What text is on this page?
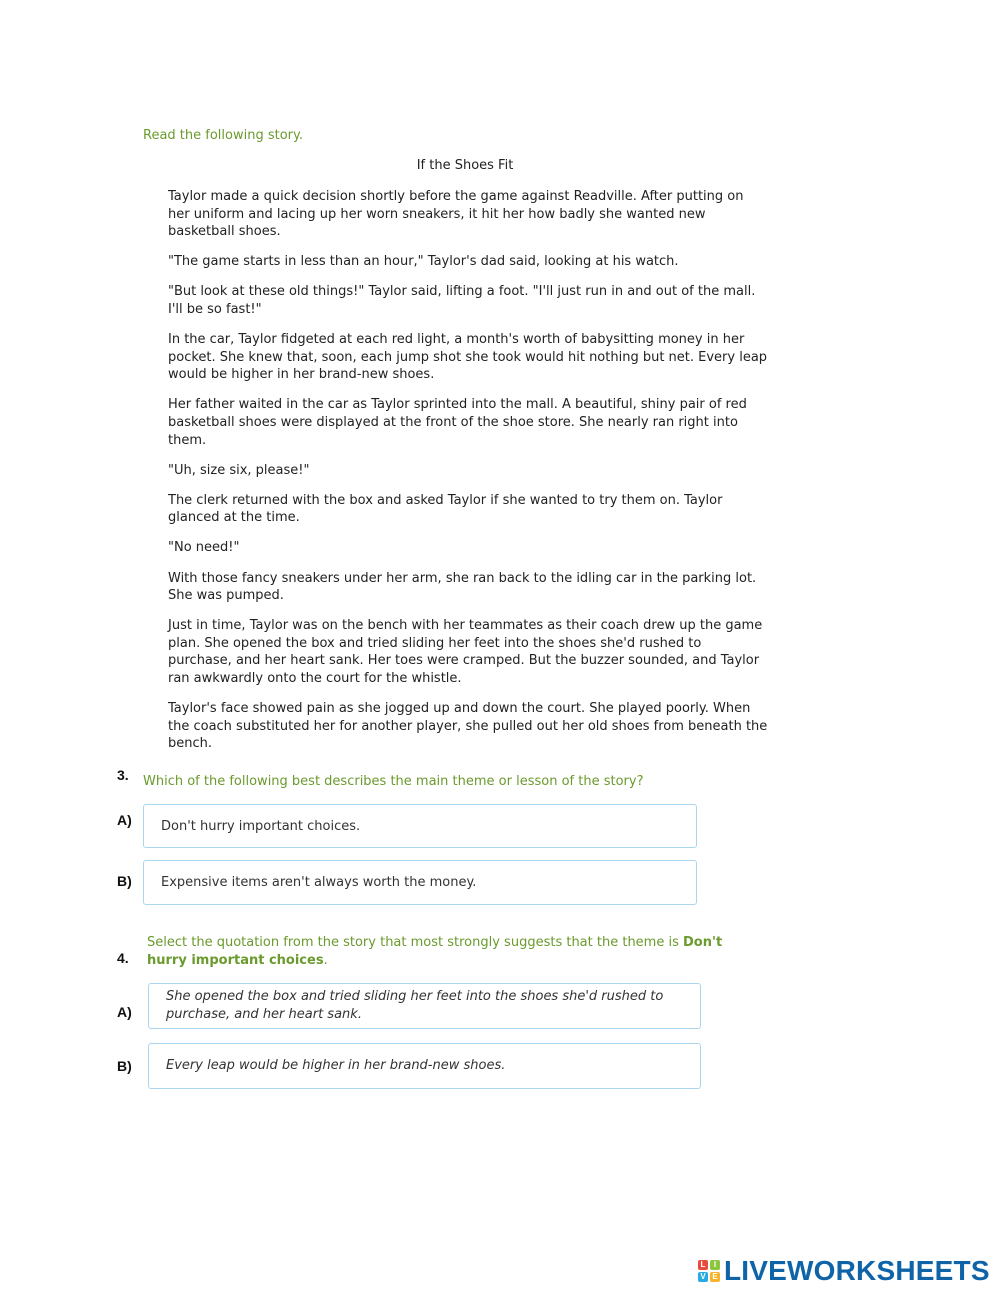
Read the following story.

If the Shoes Fit

Taylor made a quick decision shortly before the game against Readville. After putting on her uniform and lacing up her worn sneakers, it hit her how badly she wanted new basketball shoes.

"The game starts in less than an hour," Taylor's dad said, looking at his watch.

"But look at these old things!" Taylor said, lifting a foot. "I'll just run in and out of the mall. I'll be so fast!"

In the car, Taylor fidgeted at each red light, a month's worth of babysitting money in her pocket. She knew that, soon, each jump shot she took would hit nothing but net. Every leap would be higher in her brand-new shoes.

Her father waited in the car as Taylor sprinted into the mall. A beautiful, shiny pair of red basketball shoes were displayed at the front of the shoe store. She nearly ran right into them.

"Uh, size six, please!"

The clerk returned with the box and asked Taylor if she wanted to try them on. Taylor glanced at the time.

"No need!"

With those fancy sneakers under her arm, she ran back to the idling car in the parking lot. She was pumped.

Just in time, Taylor was on the bench with her teammates as their coach drew up the game plan. She opened the box and tried sliding her feet into the shoes she'd rushed to purchase, and her heart sank. Her toes were cramped. But the buzzer sounded, and Taylor ran awkwardly onto the court for the whistle.

Taylor's face showed pain as she jogged up and down the court. She played poorly. When the coach substituted her for another player, she pulled out her old shoes from beneath the bench.

3. Which of the following best describes the main theme or lesson of the story?

A) Don't hurry important choices.
B) Expensive items aren't always worth the money.

4.

Select the quotation from the story that most strongly suggests that the theme is Don't hurry important choices.

A)
She opened the box and tried sliding her feet into the shoes she'd rushed to purchase, and her heart sank.
B)	Every leap would be higher in her brand-new shoes.
L	I
V E LIVEWORKSHEETS
